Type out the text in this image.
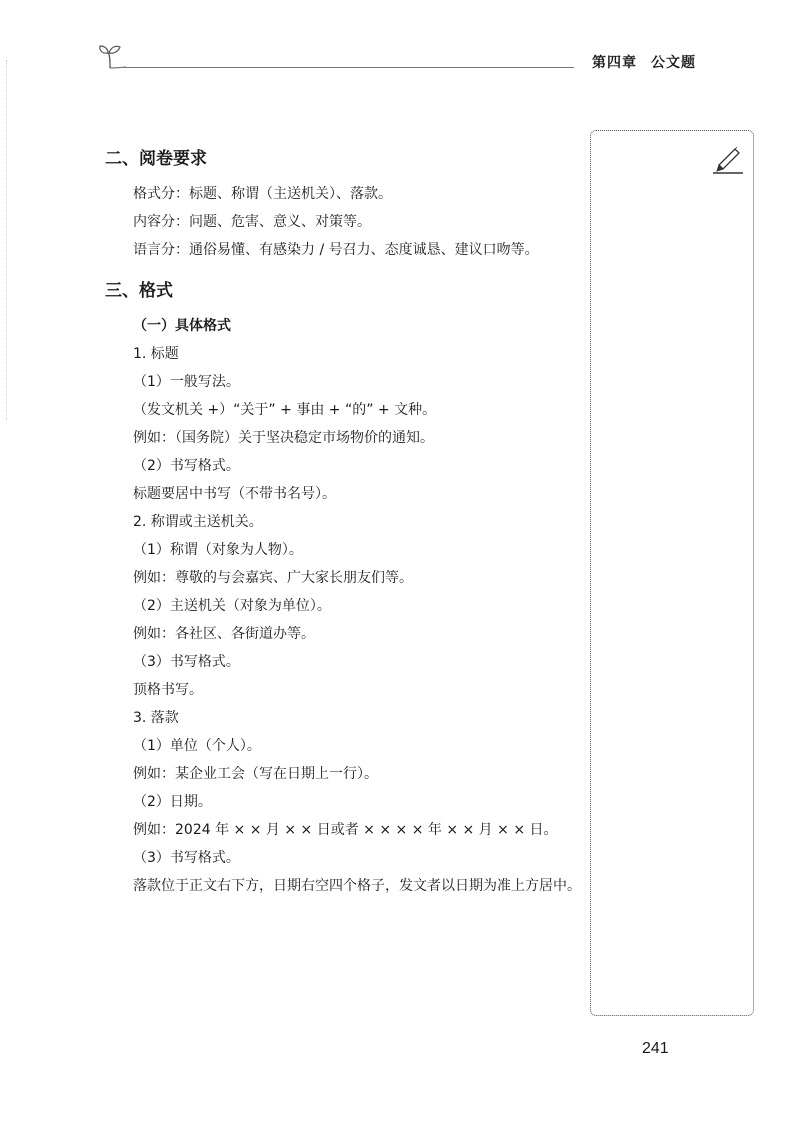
第四章 公文题
二、阅卷要求

格式分：标题、称谓（主送机关）、落款。

内容分：问题、危害、意义、对策等。

语言分：通俗易懂、有感染力 / 号召力、态度诚恳、建议口吻等。

三、格式
（一）具体格式

1. 标题

（1）一般写法。

（发文机关 +）“关于” + 事由 + “的” + 文种。

例如：（国务院）关于坚决稳定市场物价的通知。

（2）书写格式。

标题要居中书写（不带书名号）。

2. 称谓或主送机关。

（1）称谓（对象为人物）。

例如：尊敬的与会嘉宾、广大家长朋友们等。

（2）主送机关（对象为单位）。

例如：各社区、各街道办等。

（3）书写格式。

顶格书写。

3. 落款

（1）单位（个人）。

例如：某企业工会（写在日期上一行）。

（2）日期。

例如：2024 年 × × 月 × × 日或者 × × × × 年 × × 月 × × 日。

（3）书写格式。

落款位于正文右下方，日期右空四个格子，发文者以日期为准上方居中。

241
